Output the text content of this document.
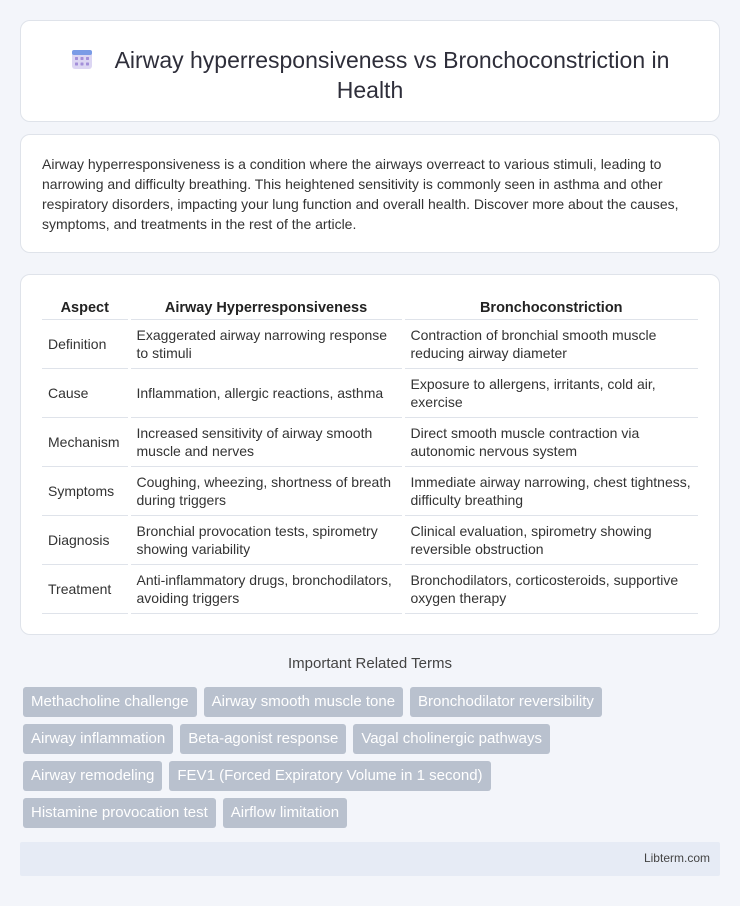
Airway hyperresponsiveness vs Bronchoconstriction in Health

Airway hyperresponsiveness is a condition where the airways overreact to various stimuli, leading to narrowing and difficulty breathing. This heightened sensitivity is commonly seen in asthma and other respiratory disorders, impacting your lung function and overall health. Discover more about the causes, symptoms, and treatments in the rest of the article.

Aspect	Airway Hyperresponsiveness	Bronchoconstriction
Definition	Exaggerated airway narrowing response to stimuli	Contraction of bronchial smooth muscle reducing airway diameter
Cause	Inflammation, allergic reactions, asthma	Exposure to allergens, irritants, cold air, exercise
Mechanism	Increased sensitivity of airway smooth muscle and nerves	Direct smooth muscle contraction via autonomic nervous system
Symptoms	Coughing, wheezing, shortness of breath during triggers	Immediate airway narrowing, chest tightness, difficulty breathing
Diagnosis	Bronchial provocation tests, spirometry showing variability	Clinical evaluation, spirometry showing reversible obstruction
Treatment	Anti-inflammatory drugs, bronchodilators, avoiding triggers	Bronchodilators, corticosteroids, supportive oxygen therapy
Important Related Terms
Methacholine challenge	Airway smooth muscle tone	Bronchodilator reversibility
Airway inflammation	Beta-agonist response	Vagal cholinergic pathways
Airway remodeling	FEV1 (Forced Expiratory Volume in 1 second)
Histamine provocation test	Airflow limitation
Libterm.com
